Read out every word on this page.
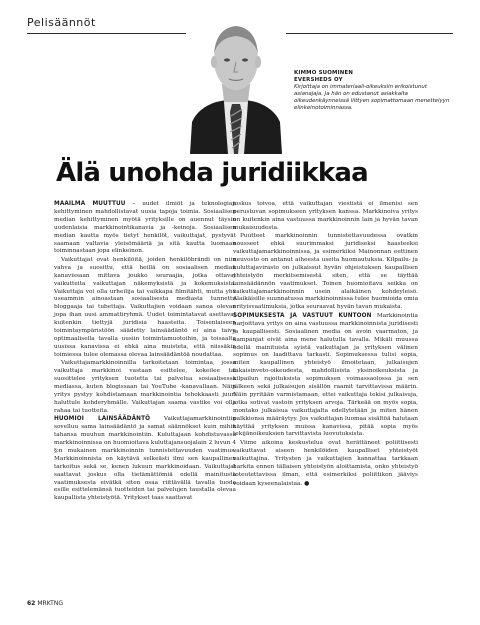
Pelisäännöt
KIMMO SUOMINEN
EVERSHEDS OY
Kirjoittaja on immateriaali-oikeuksiin erikoistunut asianajaja. Ja hän on edustanut asiakkalta oikeudenkäynneissä liittyen sopimattomaan menettelyyn elinkeinotoiminnassa.
Älä unohda juridiikkaa

MAAILMA MUUTTUU – uudet ilmiöt ja teknologian kehittyminen mahdollistavat uusia tapoja toimia. Sosiaalisen median kehittyminen myötä yrityksille on auennut täysin uudenlaisia markkinointikanavia ja -keinoja. Sosiaalisen median kautta myös tietyt henkilöt, vaikuttajat, pystyvät saamaan valtavia yleisömääriä ja sitä kautta luomaan toiminnastaan jopa elinkeinon.

Vaikuttajat ovat henkilöitä, joiden henkilöbrändi on niin vahva ja suosittu, että heillä on sosiaalisen median kanavissaan mittava joukko seuraajia, jotka ottavat vaikutteita vaikuttajan näkemyksistä ja kokemuksista. Vaikuttaja voi olla urheilija tai vaikkapa filmitähti, mutta yhä useammin ainoastaan sosiaalisesta mediasta tunnettu bloggaaja tai tubettaja. Vaikuttajien voidaan sanoa olevan jopa ihan uusi ammattiryhmä. Uudet toimintatavat asettavat kuitenkin tiettyjä juridisia haasteita. Toisenlaiseen toimintaympäristöön säädetty lainsäädäntö ei aina taivu optimaalisella tavalla uusiin toimintamuotoihin, ja toisaalta uusissa kanavissa ei ehkä aina muisteta, että niissäkin toimiessa tulee olemassa olevaa lainsäädäntöä noudattaa.

Vaikuttajamarkkinoinnilla tarkoitetaan toimintaa, jossa vaikuttaja markkinoi vastaan esittelee, kokeilee tai suosittelee yrityksen tuotetta tai palvelua sosiaalisessa mediassa, kuten blogissaan tai YouTube -kanavallaan. Näin yritys pystyy kohdistamaan markkinointia tehokkaasti juuri haluttule kohderyhmälle. Vaikuttajan saama vastike voi olla rahaa tai tuotteita.

HUOMIOI LAINSÄÄDÄNTÖ Vaikuttajamarkkinointiin sovelluu sama lainsäädäntö ja samat säännökset kuin mihin tahansa muuhun markkinointiin. Kuluttajaan kohdistuvassa markkinoinnissa on huomioitava kuluttajansuojalain 2 luvun 4 §:n mukainen markkinoinnin tunnistettavuuden vaatimus. Markkinoinnista on käytävä selkeästi ilmi sen kaupallinen tarkoitus sekä se, kenen lukuun markkinoidaan. Vaikuttajat saattavat joskus olla tietämättömiä edellä mainitusta vaatimuksesta eivätkä siten osaa riittävällä tavalla tuoda esille esittelemänsä tuotteiden tai palvelujen taustalla olevaa kaupallista yhteistyötä. Yritykset taas saattavat

joskus toivoa, että vaikuttajan viestistä ei ilmenisi sen perustuvan sopimukseen yrityksen kanssa. Markkinoiva yritys on kuitenkin aina vastuussa markkinoinnin lain ja hyvän tavan mukaisuudesta.

Puutteet markkinoinnin tunnistettavuudessa ovatkin nousseet ehkä suurimmaksi juridiseksi haasteeksi vaikuttajamarkkinoinnissa, ja esimerkiksi Mainonnan eettinen neuvosto on antanut aiheesta useita huomautuksia. Kilpailu- ja kuluttajavirasto on julkaissut hyvän ohjeistuksen kaupallisen yhteistyön merkitsemisestä siten, että se täyttää lainsäädännön vaatimukset. Toinen huomioitava seikka on vaikuttajamarkkinoinnin usein alaikäinen kohdeyleisö. Alaikäisille suunnatussa markkinoinnissa tulee huomioida omia erityisvaatimuksia, jotka seuraavat hyvän tavan mukaista.

SOPIMUKSESTA JA VASTUUT KUNTOON Markkinointia harjoittava yritys on aina vastuussa markkinoinnista juridisesti ja kaupallisesti. Sosiaalinen media on avoin vaarmaton, ja kampanjat eivät aina mene halutulla tavalla. Mikäli muussa edellä mainituista syistä vaikuttajan ja yrityksen välinen sopimus on laadittava tarkasti. Sopimuksessa tulisi sopia, miten kaupallinen yhteistyö ilmoitetaan, julkaisujen takaisinveto-oikeudesta, mahdollisista yksinoikeuksista ja kilpailun rajoituksista sopimuksen voimassaolossa ja sen jälkeen sekä julkaisujen sisällön raamit tarvittavissa määrin. Näin pyritään varmistamaan, ettei vaikuttaja tekisi julkaisuja, jotka sotivat vastoin yrityksen arvoja. Tärkeää on myös sopia, montako julkaisua vaikuttajalta edellytetään ja miten hänen palkkionsa määräytyy. Jos vaikuttajan luomaa sisältöä halutaan käyttää yrityksen muissa kanavissa, pitää sopia myös tekijänoikeuksien tarvittavista luovutuksista.

Viime aikoina keskustelua ovat herättäneet poliittisesti vaikuttavat aiseen henkilöiden kaupalliset yhteistyöt vaikuttajina. Yritysten ja vaikuttajien kannattaa tarkkaan harkita ennen tällaisen yhteistyön aloittamista, onko yhteistyö toteutettavissa ilman, että esimerkiksi poliittikon jääviys voidaan kyseenalaistaa. ●

62 MRKTNG
